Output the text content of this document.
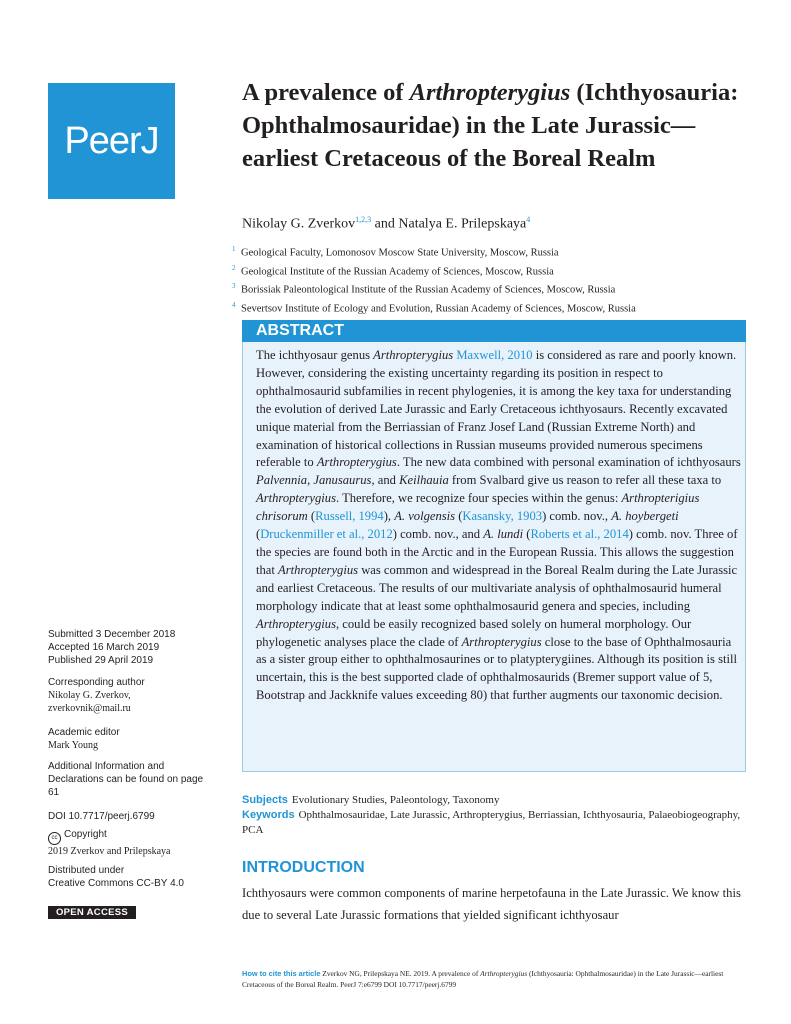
PeerJ
A prevalence of Arthropterygius (Ichthyosauria: Ophthalmosauridae) in the Late Jurassic—earliest Cretaceous of the Boreal Realm
Nikolay G. Zverkov$^{1,2,3}$ and Natalya E. Prilepskaya$^4$
$^1$ Geological Faculty, Lomonosov Moscow State University, Moscow, Russia
$^2$ Geological Institute of the Russian Academy of Sciences, Moscow, Russia
$^3$ Borissiak Paleontological Institute of the Russian Academy of Sciences, Moscow, Russia
$^4$ Severtsov Institute of Ecology and Evolution, Russian Academy of Sciences, Moscow, Russia
ABSTRACT

The ichthyosaur genus Arthropterygius Maxwell, 2010 is considered as rare and poorly known. However, considering the existing uncertainty regarding its position in respect to ophthalmosaurid subfamilies in recent phylogenies, it is among the key taxa for understanding the evolution of derived Late Jurassic and Early Cretaceous ichthyosaurs. Recently excavated unique material from the Berriassian of Franz Josef Land (Russian Extreme North) and examination of historical collections in Russian museums provided numerous specimens referable to Arthropterygius. The new data combined with personal examination of ichthyosaurs Palvennia, Janusaurus, and Keilhauia from Svalbard give us reason to refer all these taxa to Arthropterygius. Therefore, we recognize four species within the genus: Arthropterigius chrisorum (Russell, 1994), A. volgensis (Kasansky, 1903) comb. nov., A. hoybergeti (Druckenmiller et al., 2012) comb. nov., and A. lundi (Roberts et al., 2014) comb. nov. Three of the species are found both in the Arctic and in the European Russia. This allows the suggestion that Arthropterygius was common and widespread in the Boreal Realm during the Late Jurassic and earliest Cretaceous. The results of our multivariate analysis of ophthalmosaurid humeral morphology indicate that at least some ophthalmosaurid genera and species, including Arthropterygius, could be easily recognized based solely on humeral morphology. Our phylogenetic analyses place the clade of Arthropterygius close to the base of Ophthalmosauria as a sister group either to ophthalmosaurines or to platypterygiines. Although its position is still uncertain, this is the best supported clade of ophthalmosaurids (Bremer support value of 5, Bootstrap and Jackknife values exceeding 80) that further augments our taxonomic decision.

Submitted 3 December 2018
Accepted 16 March 2019
Published 29 April 2019
Corresponding author
Nikolay G. Zverkov,
zverkovnik@mail.ru
Academic editor
Mark Young
Additional Information and Declarations can be found on page 61
DOI 10.7717/peerj.6799
cc Copyright
2019 Zverkov and Prilepskaya
Distributed under
Creative Commons CC-BY 4.0
OPEN ACCESS
Subjects Evolutionary Studies, Paleontology, Taxonomy
Keywords Ophthalmosauridae, Late Jurassic, Arthropterygius, Berriassian, Ichthyosauria, Palaeobiogeography, PCA
INTRODUCTION

Ichthyosaurs were common components of marine herpetofauna in the Late Jurassic. We know this due to several Late Jurassic formations that yielded significant ichthyosaur

How to cite this article Zverkov NG, Prilepskaya NE. 2019. A prevalence of Arthropterygius (Ichthyosauria: Ophthalmosauridae) in the Late Jurassic—earliest Cretaceous of the Boreal Realm. PeerJ 7:e6799 DOI 10.7717/peerj.6799
